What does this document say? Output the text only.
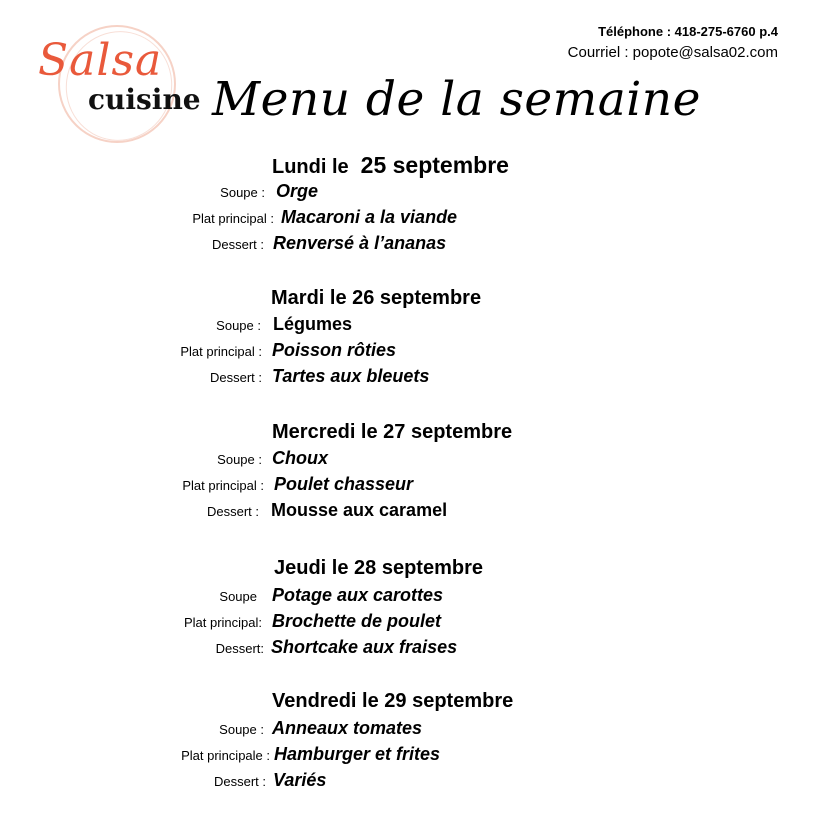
Téléphone : 418-275-6760 p.4
Courriel : popote@salsa02.com
Salsa
cuisine Menu de la semaine
Lundi le 25 septembre
Soupe : Orge
Plat principal : Macaroni a la viande
Dessert : Renversé à l’ananas
Mardi le 26 septembre
Soupe : Légumes
Plat principal : Poisson rôties
Dessert : Tartes aux bleuets
Mercredi le 27 septembre
Soupe : Choux
Plat principal : Poulet chasseur
Dessert : Mousse aux caramel
Jeudi le 28 septembre
Soupe Potage aux carottes
Plat principal: Brochette de poulet
Dessert: Shortcake aux fraises
Vendredi le 29 septembre
Soupe : Anneaux tomates
Plat principale : Hamburger et frites
Dessert : Variés
